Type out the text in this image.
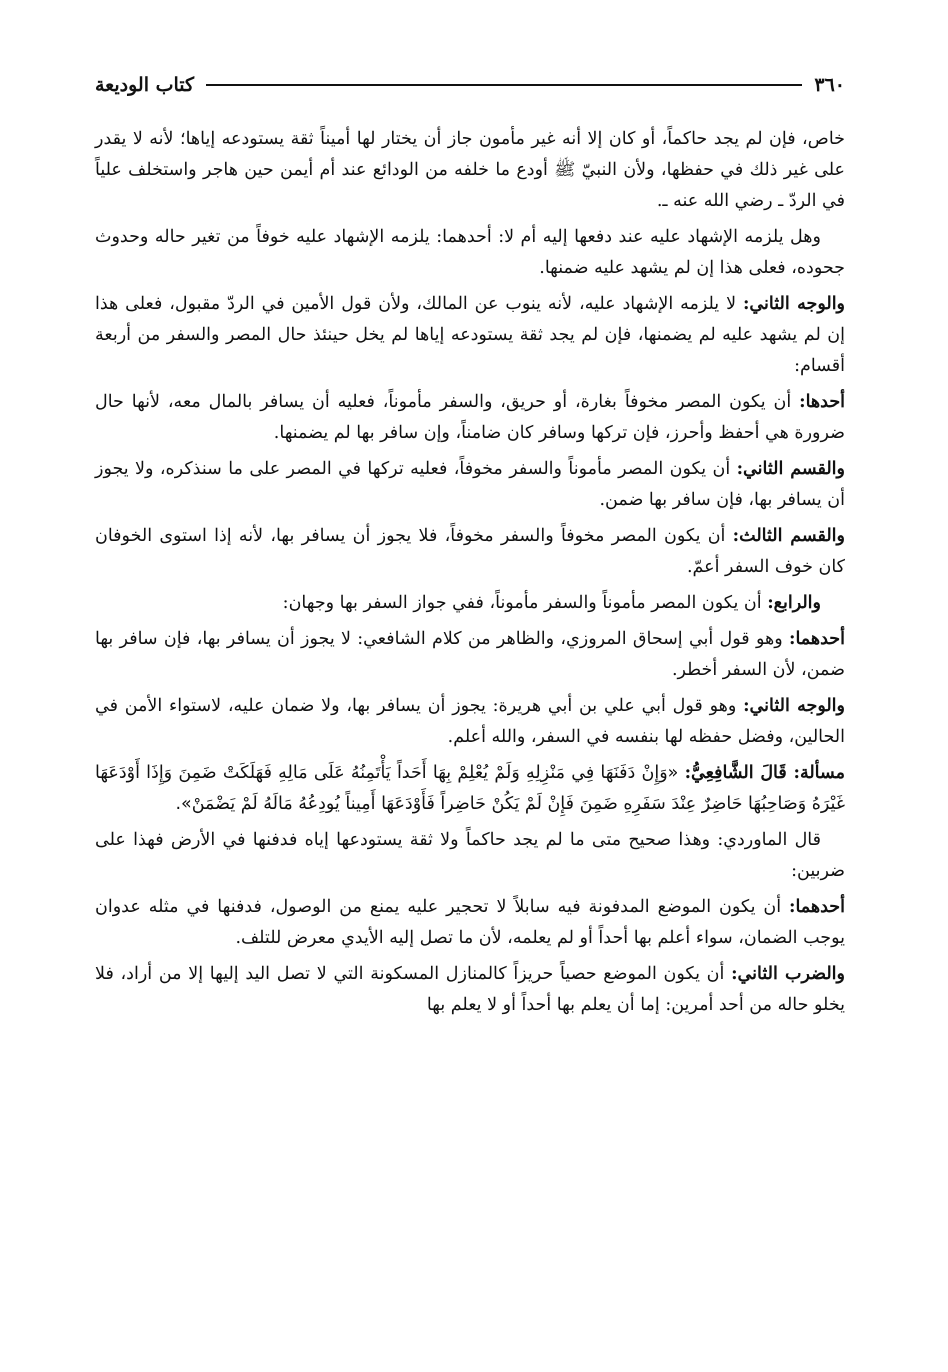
٣٦٠
كتاب الوديعة

خاص، فإن لم يجد حاكماً، أو كان إلا أنه غير مأمون جاز أن يختار لها أميناً ثقة يستودعه إياها؛ لأنه لا يقدر على غير ذلك في حفظها، ولأن النبيّ ﷺ أودع ما خلفه من الودائع عند أم أيمن حين هاجر واستخلف علياً في الردّ ـ رضي الله عنه ـ.

وهل يلزمه الإشهاد عليه عند دفعها إليه أم لا: أحدهما: يلزمه الإشهاد عليه خوفاً من تغير حاله وحدوث جحوده، فعلى هذا إن لم يشهد عليه ضمنها.

والوجه الثاني: لا يلزمه الإشهاد عليه، لأنه ينوب عن المالك، ولأن قول الأمين في الردّ مقبول، فعلى هذا إن لم يشهد عليه لم يضمنها، فإن لم يجد ثقة يستودعه إياها لم يخل حينئذ حال المصر والسفر من أربعة أقسام:

أحدها: أن يكون المصر مخوفاً بغارة، أو حريق، والسفر مأموناً، فعليه أن يسافر بالمال معه، لأنها حال ضرورة هي أحفظ وأحرز، فإن تركها وسافر كان ضامناً، وإن سافر بها لم يضمنها.

والقسم الثاني: أن يكون المصر مأموناً والسفر مخوفاً، فعليه تركها في المصر على ما سنذكره، ولا يجوز أن يسافر بها، فإن سافر بها ضمن.

والقسم الثالث: أن يكون المصر مخوفاً والسفر مخوفاً، فلا يجوز أن يسافر بها، لأنه إذا استوى الخوفان كان خوف السفر أعمّ.

والرابع: أن يكون المصر مأموناً والسفر مأموناً، ففي جواز السفر بها وجهان:

أحدهما: وهو قول أبي إسحاق المروزي، والظاهر من كلام الشافعي: لا يجوز أن يسافر بها، فإن سافر بها ضمن، لأن السفر أخطر.

والوجه الثاني: وهو قول أبي علي بن أبي هريرة: يجوز أن يسافر بها، ولا ضمان عليه، لاستواء الأمن في الحالين، وفضل حفظه لها بنفسه في السفر، والله أعلم.

مسألة: قَالَ الشَّافِعِيُّ: «وَإِنْ دَفَنَهَا فِي مَنْزِلِهِ وَلَمْ يُعْلِمْ بِهَا أَحَداً يَأْتَمِنُهُ عَلَى مَالِهِ فَهَلَكَتْ ضَمِنَ وَإِذَا أَوْدَعَهَا غَيْرَهُ وَصَاحِبُهَا حَاضِرٌ عِنْدَ سَفَرِهِ ضَمِنَ فَإِنْ لَمْ يَكُنْ حَاضِراً فَأَوْدَعَهَا أَمِيناً يُودِعُهُ مَالَهُ لَمْ يَضْمَنْ».

قال الماوردي: وهذا صحيح متى ما لم يجد حاكماً ولا ثقة يستودعها إياه فدفنها في الأرض فهذا على ضربين:

أحدهما: أن يكون الموضع المدفونة فيه سابلاً لا تحجير عليه يمنع من الوصول، فدفنها في مثله عدوان يوجب الضمان، سواء أعلم بها أحداً أو لم يعلمه، لأن ما تصل إليه الأيدي معرض للتلف.

والضرب الثاني: أن يكون الموضع حصياً حريزاً كالمنازل المسكونة التي لا تصل اليد إليها إلا من أراد، فلا يخلو حاله من أحد أمرين: إما أن يعلم بها أحداً أو لا يعلم بها
